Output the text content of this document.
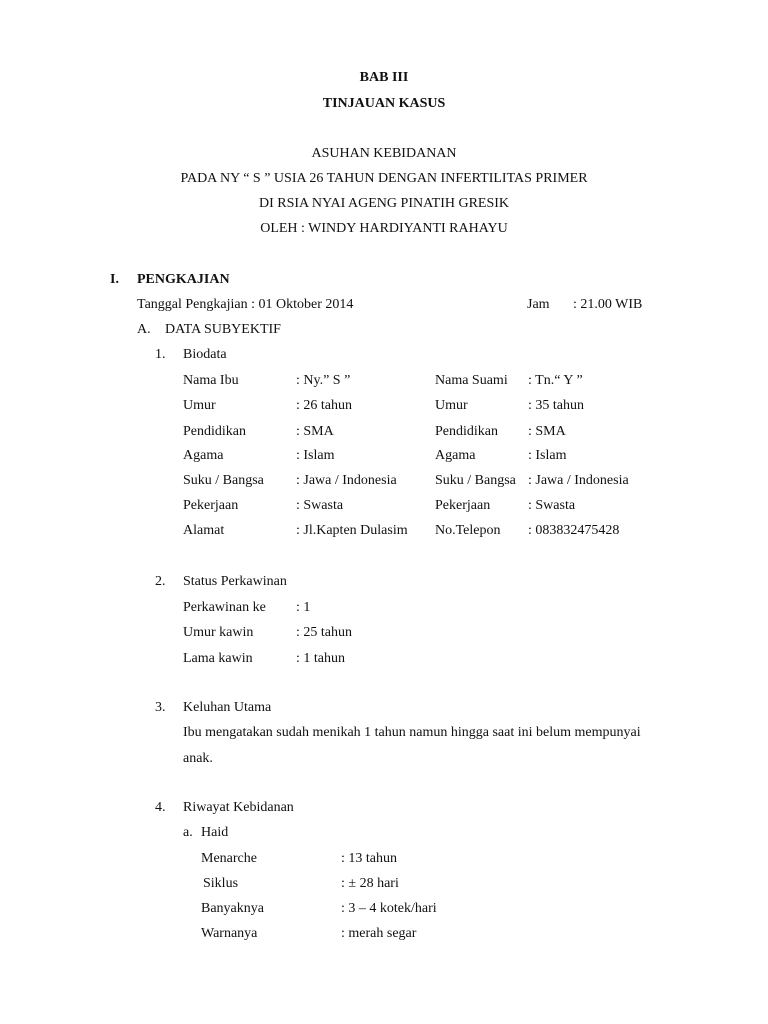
BAB III
TINJAUAN KASUS
ASUHAN KEBIDANAN
PADA NY “ S ” USIA 26 TAHUN DENGAN INFERTILITAS PRIMER
DI RSIA NYAI AGENG PINATIH GRESIK
OLEH : WINDY HARDIYANTI RAHAYU
I. PENGKAJIAN
Tanggal Pengkajian : 01 Oktober 2014	Jam : 21.00 WIB
A. DATA SUBYEKTIF
1. Biodata
Nama Ibu	: Ny.” S ”	Nama Suami : Tn.“ Y ”
Umur	: 26 tahun	Umur	: 35 tahun
Pendidikan	: SMA	Pendidikan : SMA
Agama	: Islam	Agama	: Islam
Suku / Bangsa : Jawa / Indonesia	Suku / Bangsa : Jawa / Indonesia
Pekerjaan	: Swasta	Pekerjaan	: Swasta
Alamat	: Jl.Kapten Dulasim No.Telepon : 083832475428
2. Status Perkawinan
Perkawinan ke : 1
Umur kawin	: 25 tahun
Lama kawin	: 1 tahun
3. Keluhan Utama
Ibu mengatakan sudah menikah 1 tahun namun hingga saat ini belum mempunyai
anak.
4. Riwayat Kebidanan
a. Haid
Menarche	: 13 tahun
Siklus	: ± 28 hari
Banyaknya	: 3 – 4 kotek/hari
Warnanya	: merah segar
